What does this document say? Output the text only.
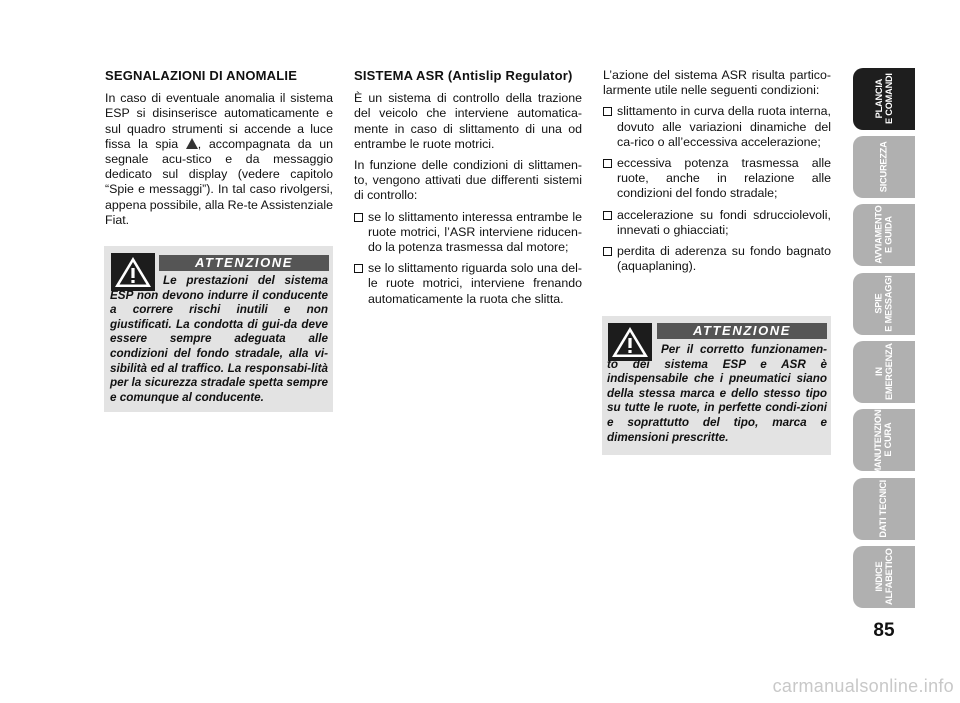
SEGNALAZIONI DI ANOMALIE

In caso di eventuale anomalia il sistema ESP si disinserisce automaticamente e sul quadro strumenti si accende a luce fissa la spia , accompagnata da un segnale acu-stico e da messaggio dedicato sul display (vedere capitolo “Spie e messaggi”). In tal caso rivolgersi, appena possibile, alla Re-te Assistenziale Fiat.

ATTENZIONE
Le prestazioni del sistema ESP non devono indurre il conducente a correre rischi inutili e non giustificati. La condotta di gui-da deve essere sempre adeguata alle condizioni del fondo stradale, alla vi-sibilità ed al traffico. La responsabi-lità per la sicurezza stradale spetta sempre e comunque al conducente.
SISTEMA ASR (Antislip Regulator)

È un sistema di controllo della trazione del veicolo che interviene automatica-mente in caso di slittamento di una od entrambe le ruote motrici.

In funzione delle condizioni di slittamen-to, vengono attivati due differenti sistemi di controllo:

se lo slittamento interessa entrambe le ruote motrici, l’ASR interviene riducen-do la potenza trasmessa dal motore;
se lo slittamento riguarda solo una del-le ruote motrici, interviene frenando automaticamente la ruota che slitta.

L’azione del sistema ASR risulta partico-larmente utile nelle seguenti condizioni:

slittamento in curva della ruota interna, dovuto alle variazioni dinamiche del ca-rico o all’eccessiva accelerazione;
eccessiva potenza trasmessa alle ruote, anche in relazione alle condizioni del fondo stradale;
accelerazione su fondi sdrucciolevoli, innevati o ghiacciati;
perdita di aderenza su fondo bagnato (aquaplaning).
ATTENZIONE
Per il corretto funzionamen-to dei sistema ESP e ASR è indispensabile che i pneumatici siano della stessa marca e dello stesso tipo su tutte le ruote, in perfette condi-zioni e soprattutto del tipo, marca e dimensioni prescritte.
PLANCIA
E COMANDI
SICUREZZA
AVVIAMENTO
E GUIDA
SPIE
E MESSAGGI
IN
EMERGENZA
MANUTENZIONE
E CURA
DATI TECNICI
INDICE
ALFABETICO
85
carmanualsonline.info
